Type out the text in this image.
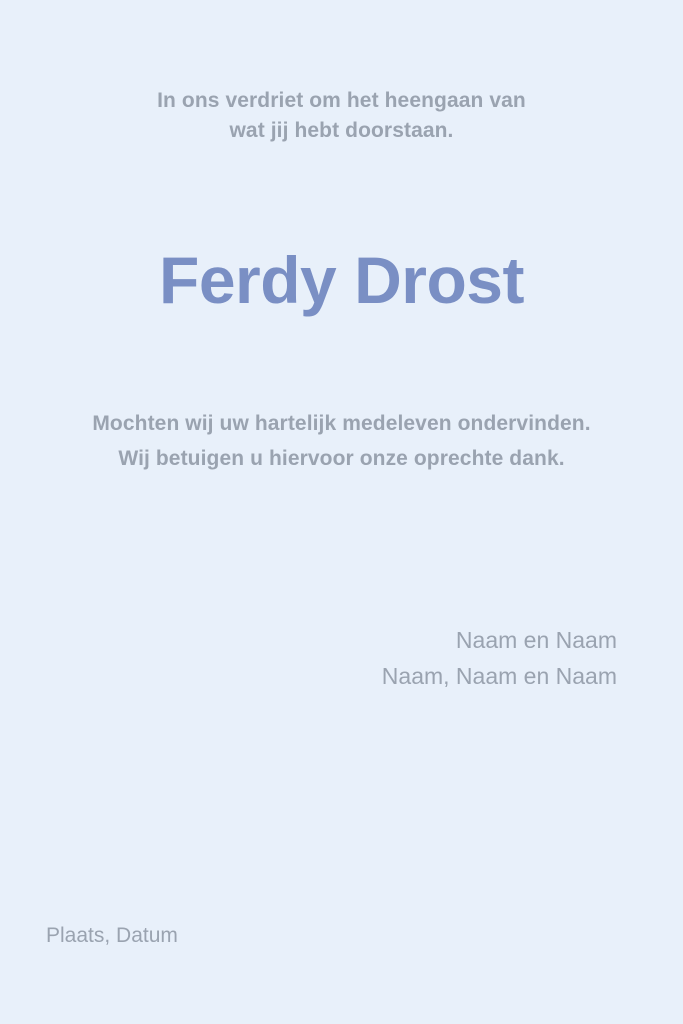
In ons verdriet om het heengaan van
wat jij hebt doorstaan.
Ferdy Drost
Mochten wij uw hartelijk medeleven ondervinden.
Wij betuigen u hiervoor onze oprechte dank.
Naam en Naam
Naam, Naam en Naam
Plaats, Datum
